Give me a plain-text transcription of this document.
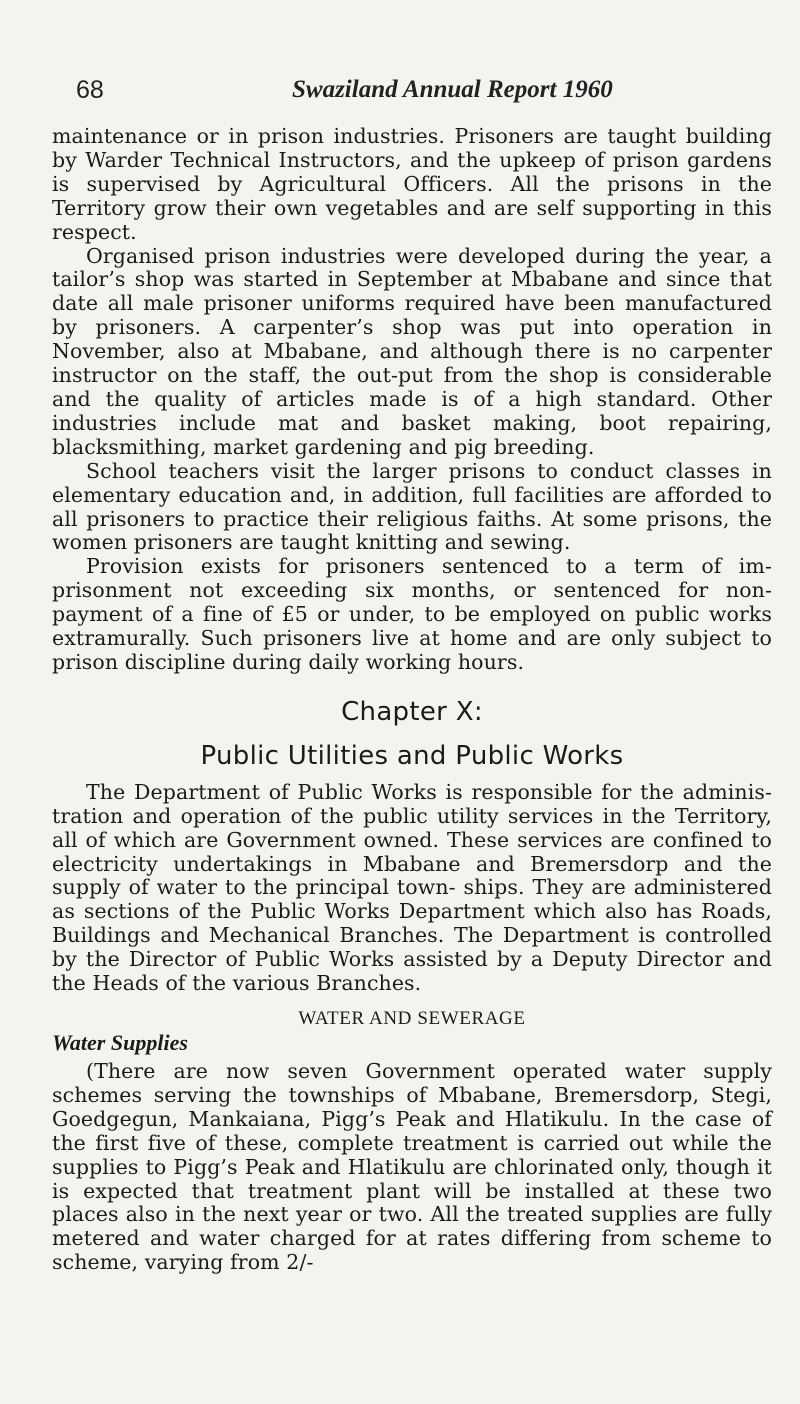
68	Swaziland Annual Report 1960

maintenance or in prison industries. Prisoners are taught building by Warder Technical Instructors, and the upkeep of prison gardens is supervised by Agricultural Officers. All the prisons in the Territory grow their own vegetables and are self supporting in this respect.

Organised prison industries were developed during the year, a tailor’s shop was started in September at Mbabane and since that date all male prisoner uniforms required have been manufactured by prisoners. A carpenter’s shop was put into operation in November, also at Mbabane, and although there is no carpenter instructor on the staff, the out-put from the shop is considerable and the quality of articles made is of a high standard. Other industries include mat and basket making, boot repairing, blacksmithing, market gardening and pig breeding.

School teachers visit the larger prisons to conduct classes in elementary education and, in addition, full facilities are afforded to all prisoners to practice their religious faiths. At some prisons, the women prisoners are taught knitting and sewing.

Provision exists for prisoners sentenced to a term of im- prisonment not exceeding six months, or sentenced for non- payment of a fine of £5 or under, to be employed on public works extramurally. Such prisoners live at home and are only subject to prison discipline during daily working hours.

Chapter X:
Public Utilities and Public Works

The Department of Public Works is responsible for the adminis- tration and operation of the public utility services in the Territory, all of which are Government owned. These services are confined to electricity undertakings in Mbabane and Bremersdorp and the supply of water to the principal town- ships. They are administered as sections of the Public Works Department which also has Roads, Buildings and Mechanical Branches. The Department is controlled by the Director of Public Works assisted by a Deputy Director and the Heads of the various Branches.

WATER AND SEWERAGE
Water Supplies

(There are now seven Government operated water supply schemes serving the townships of Mbabane, Bremersdorp, Stegi, Goedgegun, Mankaiana, Pigg’s Peak and Hlatikulu. In the case of the first five of these, complete treatment is carried out while the supplies to Pigg’s Peak and Hlatikulu are chlorinated only, though it is expected that treatment plant will be installed at these two places also in the next year or two. All the treated supplies are fully metered and water charged for at rates differing from scheme to scheme, varying from 2/-
